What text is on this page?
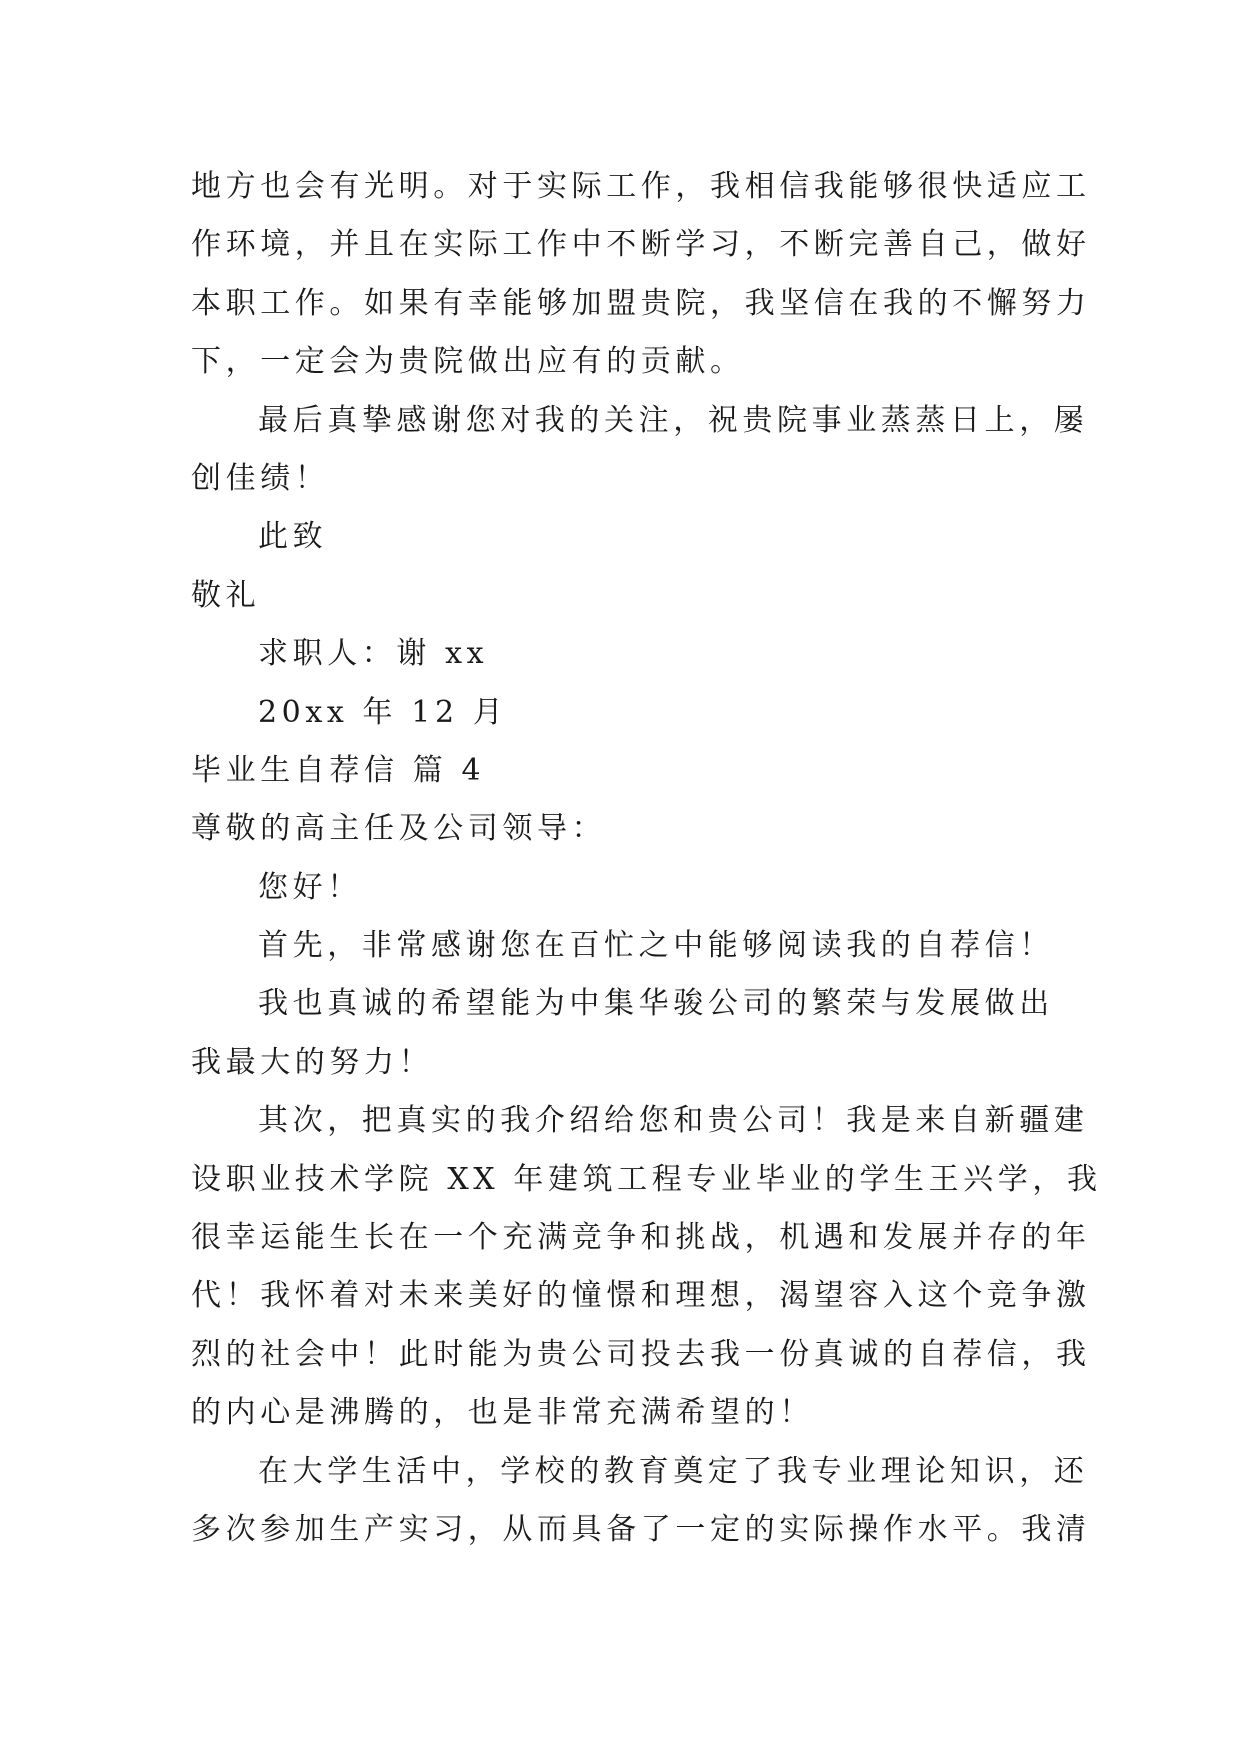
地方也会有光明。对于实际工作，我相信我能够很快适应工
作环境，并且在实际工作中不断学习，不断完善自己，做好
本职工作。如果有幸能够加盟贵院，我坚信在我的不懈努力
下，一定会为贵院做出应有的贡献。
最后真挚感谢您对我的关注，祝贵院事业蒸蒸日上，屡
创佳绩！
此致
敬礼
求职人：谢 xx
20xx 年 12 月
毕业生自荐信 篇 4
尊敬的高主任及公司领导：
您好！
首先，非常感谢您在百忙之中能够阅读我的自荐信！
我也真诚的希望能为中集华骏公司的繁荣与发展做出
我最大的努力！
其次，把真实的我介绍给您和贵公司！我是来自新疆建
设职业技术学院 XX 年建筑工程专业毕业的学生王兴学，我
很幸运能生长在一个充满竞争和挑战，机遇和发展并存的年
代！我怀着对未来美好的憧憬和理想，渴望容入这个竞争激
烈的社会中！此时能为贵公司投去我一份真诚的自荐信，我
的内心是沸腾的，也是非常充满希望的！
在大学生活中，学校的教育奠定了我专业理论知识，还
多次参加生产实习，从而具备了一定的实际操作水平。我清
